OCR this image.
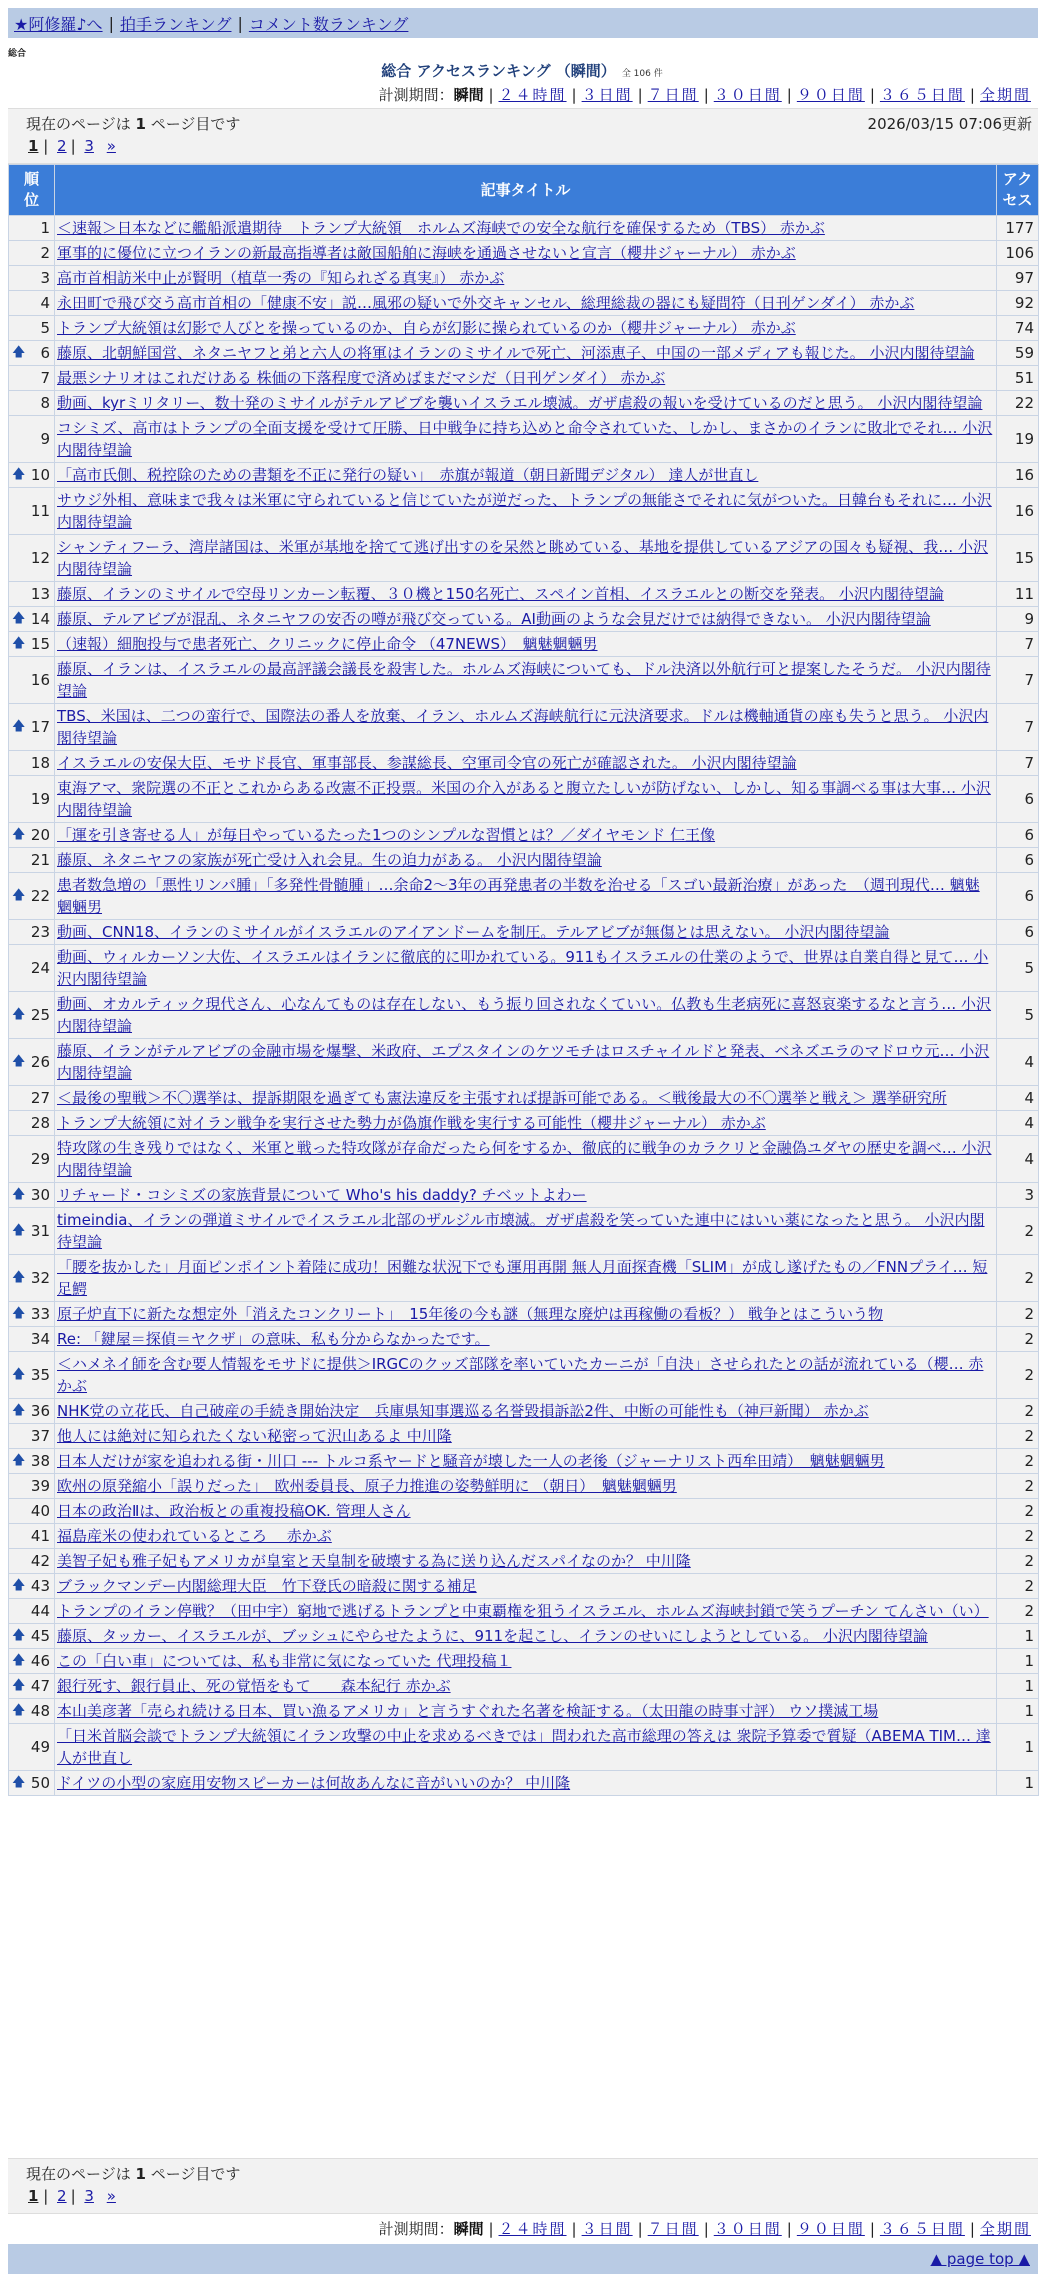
★阿修羅♪へ | 拍手ランキング | コメント数ランキング
総合
総合 アクセスランキング （瞬間） 全 106 件
計測期間： 瞬間 | ２４時間 | ３日間 | ７日間 | ３０日間 | ９０日間 | ３６５日間 | 全期間
現在のページは 1 ページ目です	2026/03/15 07:06更新
1 | 2 | 3 »
順位	記事タイトル	アクセス
1	＜速報＞日本などに艦船派遣期待　トランプ大統領　ホルムズ海峡での安全な航行を確保するため（TBS） 赤かぶ	177
2	軍事的に優位に立つイランの新最高指導者は敵国船舶に海峡を通過させないと宣言（櫻井ジャーナル） 赤かぶ	106
3	高市首相訪米中止が賢明（植草一秀の『知られざる真実』） 赤かぶ	97
4	永田町で飛び交う高市首相の「健康不安」説…風邪の疑いで外交キャンセル、総理総裁の器にも疑問符（日刊ゲンダイ） 赤かぶ	92
5	トランプ大統領は幻影で人びとを操っているのか、自らが幻影に操られているのか（櫻井ジャーナル） 赤かぶ	74

🡅 6	藤原、北朝鮮国営、ネタニヤフと弟と六人の将軍はイランのミサイルで死亡、河添恵子、中国の一部メディアも報じた。 小沢内閣待望論	59
7	最悪シナリオはこれだけある 株価の下落程度で済めばまだマシだ（日刊ゲンダイ） 赤かぶ	51
8	動画、kyrミリタリー、数十発のミサイルがテルアビブを襲いイスラエル壊滅。ガザ虐殺の報いを受けているのだと思う。 小沢内閣待望論	22
9	コシミズ、高市はトランプの全面支援を受けて圧勝、日中戦争に持ち込めと命令されていた、しかし、まさかのイランに敗北でそれ… 小沢内閣待望論	19

🡅 10	「高市氏側、税控除のための書類を不正に発行の疑い」　赤旗が報道（朝日新聞デジタル） 達人が世直し	16
11	サウジ外相、意味まで我々は米軍に守られていると信じていたが逆だった、トランプの無能さでそれに気がついた。日韓台もそれに… 小沢内閣待望論	16
12	シャンティフーラ、湾岸諸国は、米軍が基地を捨てて逃げ出すのを呆然と眺めている、基地を提供しているアジアの国々も疑視、我… 小沢内閣待望論	15
13	藤原、イランのミサイルで空母リンカーン転覆、３０機と150名死亡、スペイン首相、イスラエルとの断交を発表。 小沢内閣待望論	11

🡅 14	藤原、テルアビブが混乱、ネタニヤフの安否の噂が飛び交っている。AI動画のような会見だけでは納得できない。 小沢内閣待望論	9

🡅 15	（速報）細胞投与で患者死亡、クリニックに停止命令 （47NEWS）　魑魅魍魎男	7
16	藤原、イランは、イスラエルの最高評議会議長を殺害した。ホルムズ海峡についても、ドル決済以外航行可と提案したそうだ。 小沢内閣待望論	7

🡅 17	TBS、米国は、二つの蛮行で、国際法の番人を放棄、イラン、ホルムズ海峡航行に元決済要求。ドルは機軸通貨の座も失うと思う。 小沢内閣待望論	7
18	イスラエルの安保大臣、モサド長官、軍事部長、参謀総長、空軍司令官の死亡が確認された。 小沢内閣待望論	7
19	東海アマ、衆院選の不正とこれからある改憲不正投票。米国の介入があると腹立たしいが防げない、しかし、知る事調べる事は大事… 小沢内閣待望論	6

🡅 20	「運を引き寄せる人」が毎日やっているたった1つのシンプルな習慣とは？／ダイヤモンド 仁王像	6
21	藤原、ネタニヤフの家族が死亡受け入れ会見。生の迫力がある。 小沢内閣待望論	6

🡅 22	患者数急増の「悪性リンパ腫」「多発性骨髄腫」…余命2～3年の再発患者の半数を治せる「スゴい最新治療」があった　（週刊現代… 魑魅魍魎男	6
23	動画、CNN18、イランのミサイルがイスラエルのアイアンドームを制圧。テルアビブが無傷とは思えない。 小沢内閣待望論	6
24	動画、ウィルカーソン大佐、イスラエルはイランに徹底的に叩かれている。911もイスラエルの仕業のようで、世界は自業自得と見て… 小沢内閣待望論	5

🡅 25	動画、オカルティック現代さん、心なんてものは存在しない、もう振り回されなくていい。仏教も生老病死に喜怒哀楽するなと言う… 小沢内閣待望論	5

🡅 26	藤原、イランがテルアビブの金融市場を爆撃、米政府、エプスタインのケツモチはロスチャイルドと発表、ベネズエラのマドロウ元… 小沢内閣待望論	4
27	＜最後の聖戦＞不〇選挙は、提訴期限を過ぎても憲法違反を主張すれば提訴可能である。＜戦後最大の不〇選挙と戦え＞ 選挙研究所	4
28	トランプ大統領に対イラン戦争を実行させた勢力が偽旗作戦を実行する可能性（櫻井ジャーナル） 赤かぶ	4
29	特攻隊の生き残りではなく、米軍と戦った特攻隊が存命だったら何をするか、徹底的に戦争のカラクリと金融偽ユダヤの歴史を調べ… 小沢内閣待望論	4

🡅 30	リチャード・コシミズの家族背景について Who's his daddy? チベットよわー	3

🡅 31	timeindia、イランの弾道ミサイルでイスラエル北部のザルジル市壊滅。ガザ虐殺を笑っていた連中にはいい薬になったと思う。 小沢内閣待望論	2

🡅 32	「腰を抜かした」月面ピンポイント着陸に成功！困難な状況下でも運用再開 無人月面探査機「SLIM」が成し遂げたもの／FNNプライ… 短足鰐	2

🡅 33	原子炉直下に新たな想定外「消えたコンクリート」　15年後の今も謎（無理な廃炉は再稼働の看板？） 戦争とはこういう物	2
34	Re: 「鍵屋＝探偵＝ヤクザ」の意味、私も分からなかったです。	2

🡅 35	＜ハメネイ師を含む要人情報をモサドに提供＞IRGCのクッズ部隊を率いていたカーニが「自決」させられたとの話が流れている（櫻… 赤かぶ	2

🡅 36	NHK党の立花氏、自己破産の手続き開始決定　兵庫県知事選巡る名誉毀損訴訟2件、中断の可能性も（神戸新聞） 赤かぶ	2
37	他人には絶対に知られたくない秘密って沢山あるよ 中川隆	2

🡅 38	日本人だけが家を追われる街・川口 --- トルコ系ヤードと騒音が壊した一人の老後（ジャーナリスト西牟田靖）　魑魅魍魎男	2
39	欧州の原発縮小「誤りだった」　欧州委員長、原子力推進の姿勢鮮明に （朝日）　魑魅魍魎男	2
40	日本の政治Ⅱは、政治板との重複投稿OK. 管理人さん	2
41	福島産米の使われているところ　 赤かぶ	2
42	美智子妃も雅子妃もアメリカが皇室と天皇制を破壊する為に送り込んだスパイなのか？ 中川隆	2

🡅 43	ブラックマンデー内閣総理大臣　竹下登氏の暗殺に関する補足	2
44	トランプのイラン停戦？（田中宇）窮地で逃げるトランプと中東覇権を狙うイスラエル、ホルムズ海峡封鎖で笑うプーチン てんさい（い）	2

🡅 45	藤原、タッカー、イスラエルが、ブッシュにやらせたように、911を起こし、イランのせいにしようとしている。 小沢内閣待望論	1

🡅 46	この「白い車」については、私も非常に気になっていた 代理投稿１	1

🡅 47	銀行死す、銀行員止、死の覚悟をもて　　森本紀行 赤かぶ	1

🡅 48	本山美彦著「売られ続ける日本、買い漁るアメリカ」と言うすぐれた名著を検証する。（太田龍の時事寸評） ウソ撲滅工場	1
49	「日米首脳会談でトランプ大統領にイラン攻撃の中止を求めるべきでは」問われた高市総理の答えは 衆院予算委で質疑（ABEMA TIM… 達人が世直し	1

🡅 50	ドイツの小型の家庭用安物スピーカーは何故あんなに音がいいのか？ 中川隆	1
現在のページは 1 ページ目です
1 | 2 | 3 »
計測期間： 瞬間 | ２４時間 | ３日間 | ７日間 | ３０日間 | ９０日間 | ３６５日間 | 全期間
▲ page top ▲
